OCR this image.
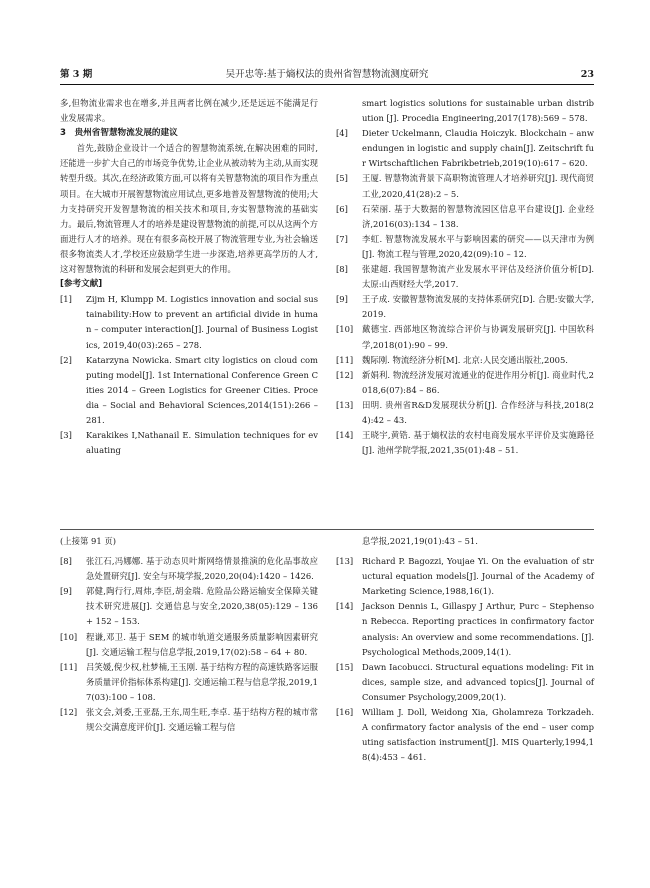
第 3 期	吴开忠等:基于熵权法的贵州省智慧物流测度研究	23

多,但物流业需求也在增多,并且两者比例在减少,还是远远不能满足行业发展需求。

3　贵州省智慧物流发展的建议

首先,鼓励企业设计一个适合的智慧物流系统,在解决困难的同时,还能进一步扩大自己的市场竞争优势,让企业从被动转为主动,从而实现转型升级。其次,在经济政策方面,可以将有关智慧物流的项目作为重点项目。在大城市开展智慧物流应用试点,更多地普及智慧物流的使用;大力支持研究开发智慧物流的相关技术和项目,夯实智慧物流的基础实力。最后,物流管理人才的培养是建设智慧物流的前提,可以从这两个方面进行人才的培养。现在有很多高校开展了物流管理专业,为社会输送很多物流类人才,学校还应鼓励学生进一步深造,培养更高学历的人才,这对智慧物流的科研和发展会起到更大的作用。

[参考文献]

[1] Zijm H, Klumpp M. Logistics innovation and social sustainability:How to prevent an artificial divide in human – computer interaction[J]. Journal of Business Logistics, 2019,40(03):265 – 278.

[2] Katarzyna Nowicka. Smart city logistics on cloud computing model[J]. 1st International Conference Green Cities 2014 – Green Logistics for Greener Cities. Procedia – Social and Behavioral Sciences,2014(151):266 – 281.

[3] Karakikes I,Nathanail E. Simulation techniques for evaluating

smart logistics solutions for sustainable urban distribution [J]. Procedia Engineering,2017(178):569 – 578.

[4] Dieter Uckelmann, Claudia Hoiczyk. Blockchain – anwendungen in logistic and supply chain[J]. Zeitschrift fur Wirtschaftlichen Fabrikbetrieb,2019(10):617 – 620.

[5] 王厦. 智慧物流背景下高职物流管理人才培养研究[J]. 现代商贸工业,2020,41(28):2 – 5.

[6] 石荣丽. 基于大数据的智慧物流园区信息平台建设[J]. 企业经济,2016(03):134 – 138.

[7] 李虹. 智慧物流发展水平与影响因素的研究——以天津市为例[J]. 物流工程与管理,2020,42(09):10 – 12.

[8] 张建超. 我国智慧物流产业发展水平评估及经济价值分析[D]. 太原:山西财经大学,2017.

[9] 王子成. 安徽智慧物流发展的支持体系研究[D]. 合肥:安徽大学,2019.

[10] 戴德宝. 西部地区物流综合评价与协调发展研究[J]. 中国软科学,2018(01):90 – 99.

[11] 魏际刚. 物流经济分析[M]. 北京:人民交通出版社,2005.

[12] 新娟利. 物流经济发展对流通业的促进作用分析[J]. 商业时代,2018,6(07):84 – 86.

[13] 田明. 贵州省R&D发展现状分析[J]. 合作经济与科技,2018(24):42 – 43.

[14] 王晓宇,黄锆. 基于熵权法的农村电商发展水平评价及实施路径[J]. 池州学院学报,2021,35(01):48 – 51.

(上接第 91 页)

[8] 张江石,冯娜娜. 基于动态贝叶斯网络情景推演的危化品事故应急处置研究[J]. 安全与环境学报,2020,20(04):1420 – 1426.

[9] 郭健,陶行行,周炜,李臣,胡金瑞. 危险品公路运输安全保障关键技术研究进展[J]. 交通信息与安全,2020,38(05):129 – 136 + 152 – 153.

[10] 程谦,邓卫. 基于 SEM 的城市轨道交通服务质量影响因素研究[J]. 交通运输工程与信息学报,2019,17(02):58 – 64 + 80.

[11] 吕笑媛,倪少权,杜梦楠,王玉刚. 基于结构方程的高速铁路客运服务质量评价指标体系构建[J]. 交通运输工程与信息学报,2019,17(03):100 – 108.

[12] 张文会,刘委,王亚磊,王东,周生旺,李卓. 基于结构方程的城市常规公交满意度评价[J]. 交通运输工程与信

息学报,2021,19(01):43 – 51.

[13] Richard P. Bagozzi, Youjae Yi. On the evaluation of structural equation models[J]. Journal of the Academy of Marketing Science,1988,16(1).

[14] Jackson Dennis L, Gillaspy J Arthur, Purc – Stephenson Rebecca. Reporting practices in confirmatory factor analysis: An overview and some recommendations. [J]. Psychological Methods,2009,14(1).

[15] Dawn Iacobucci. Structural equations modeling: Fit indices, sample size, and advanced topics[J]. Journal of Consumer Psychology,2009,20(1).

[16] William J. Doll, Weidong Xia, Gholamreza Torkzadeh. A confirmatory factor analysis of the end – user computing satisfaction instrument[J]. MIS Quarterly,1994,18(4):453 – 461.
